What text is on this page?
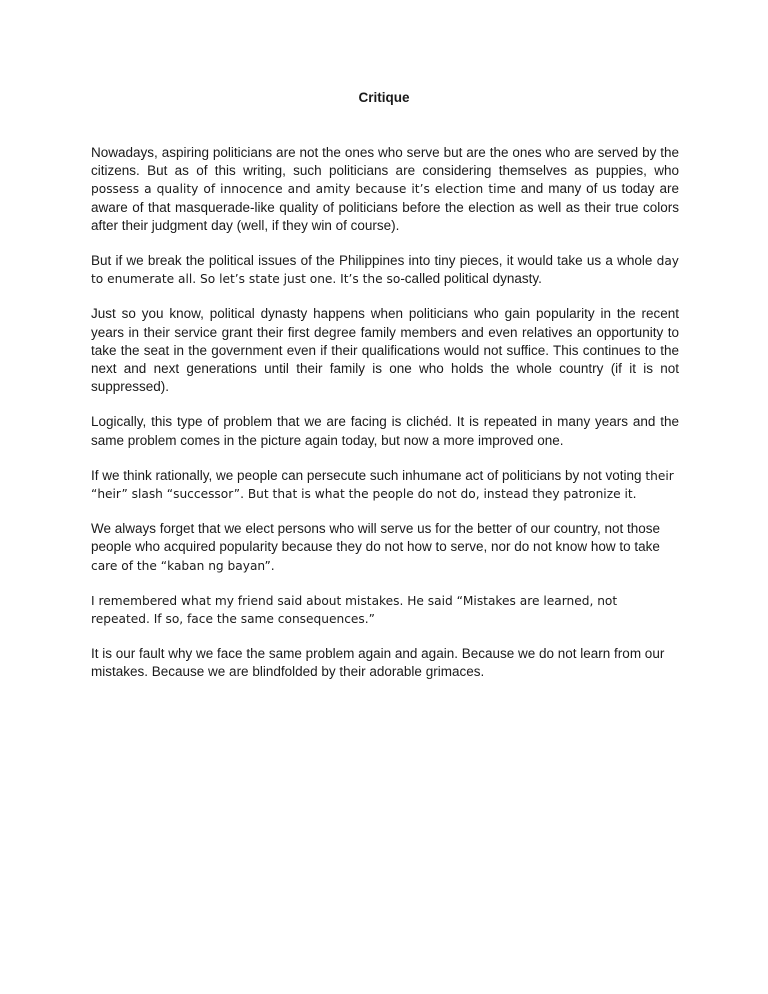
Critique

Nowadays, aspiring politicians are not the ones who serve but are the ones who are served by the citizens. But as of this writing, such politicians are considering themselves as puppies, who possess a quality of innocence and amity because it’s election time and many of us today are aware of that masquerade-like quality of politicians before the election as well as their true colors after their judgment day (well, if they win of course).

But if we break the political issues of the Philippines into tiny pieces, it would take us a whole day to enumerate all. So let’s state just one. It’s the so-called political dynasty.

Just so you know, political dynasty happens when politicians who gain popularity in the recent years in their service grant their first degree family members and even relatives an opportunity to take the seat in the government even if their qualifications would not suffice. This continues to the next and next generations until their family is one who holds the whole country (if it is not suppressed).

Logically, this type of problem that we are facing is clichéd. It is repeated in many years and the same problem comes in the picture again today, but now a more improved one.

If we think rationally, we people can persecute such inhumane act of politicians by not voting their “heir” slash “successor”. But that is what the people do not do, instead they patronize it.

We always forget that we elect persons who will serve us for the better of our country, not those people who acquired popularity because they do not how to serve, nor do not know how to take care of the “kaban ng bayan”.

I remembered what my friend said about mistakes. He said “Mistakes are learned, not repeated. If so, face the same consequences.”

It is our fault why we face the same problem again and again. Because we do not learn from our mistakes. Because we are blindfolded by their adorable grimaces.
